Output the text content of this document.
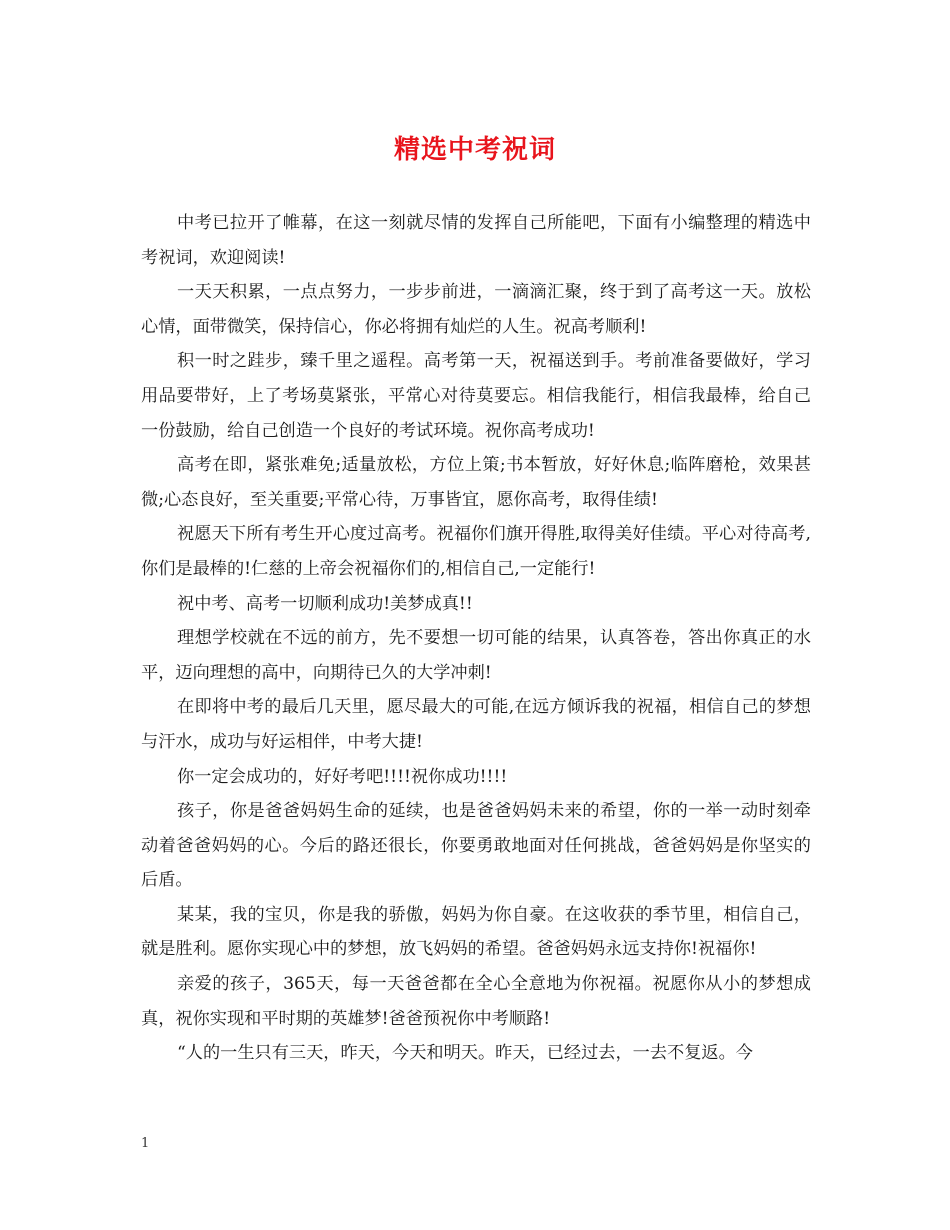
精选中考祝词

中考已拉开了帷幕，在这一刻就尽情的发挥自己所能吧，下面有小编整理的精选中考祝词，欢迎阅读!

一天天积累，一点点努力，一步步前进，一滴滴汇聚，终于到了高考这一天。放松心情，面带微笑，保持信心，你必将拥有灿烂的人生。祝高考顺利!

积一时之跬步，臻千里之遥程。高考第一天，祝福送到手。考前准备要做好，学习用品要带好，上了考场莫紧张，平常心对待莫要忘。相信我能行，相信我最棒，给自己一份鼓励，给自己创造一个良好的考试环境。祝你高考成功!

高考在即，紧张难免;适量放松，方位上策;书本暂放，好好休息;临阵磨枪，效果甚微;心态良好，至关重要;平常心待，万事皆宜，愿你高考，取得佳绩!

祝愿天下所有考生开心度过高考。祝福你们旗开得胜,取得美好佳绩。平心对待高考,你们是最棒的!仁慈的上帝会祝福你们的,相信自己,一定能行!

祝中考、高考一切顺利成功!美梦成真!!

理想学校就在不远的前方，先不要想一切可能的结果，认真答卷，答出你真正的水平，迈向理想的高中，向期待已久的大学冲刺!

在即将中考的最后几天里，愿尽最大的可能,在远方倾诉我的祝福，相信自己的梦想与汗水，成功与好运相伴，中考大捷!

你一定会成功的，好好考吧!!!!祝你成功!!!!

孩子，你是爸爸妈妈生命的延续，也是爸爸妈妈未来的希望，你的一举一动时刻牵动着爸爸妈妈的心。今后的路还很长，你要勇敢地面对任何挑战，爸爸妈妈是你坚实的后盾。

某某，我的宝贝，你是我的骄傲，妈妈为你自豪。在这收获的季节里，相信自己，就是胜利。愿你实现心中的梦想，放飞妈妈的希望。爸爸妈妈永远支持你!祝福你!

亲爱的孩子，365天，每一天爸爸都在全心全意地为你祝福。祝愿你从小的梦想成真，祝你实现和平时期的英雄梦!爸爸预祝你中考顺路!

“人的一生只有三天，昨天，今天和明天。昨天，已经过去，一去不复返。今

1
